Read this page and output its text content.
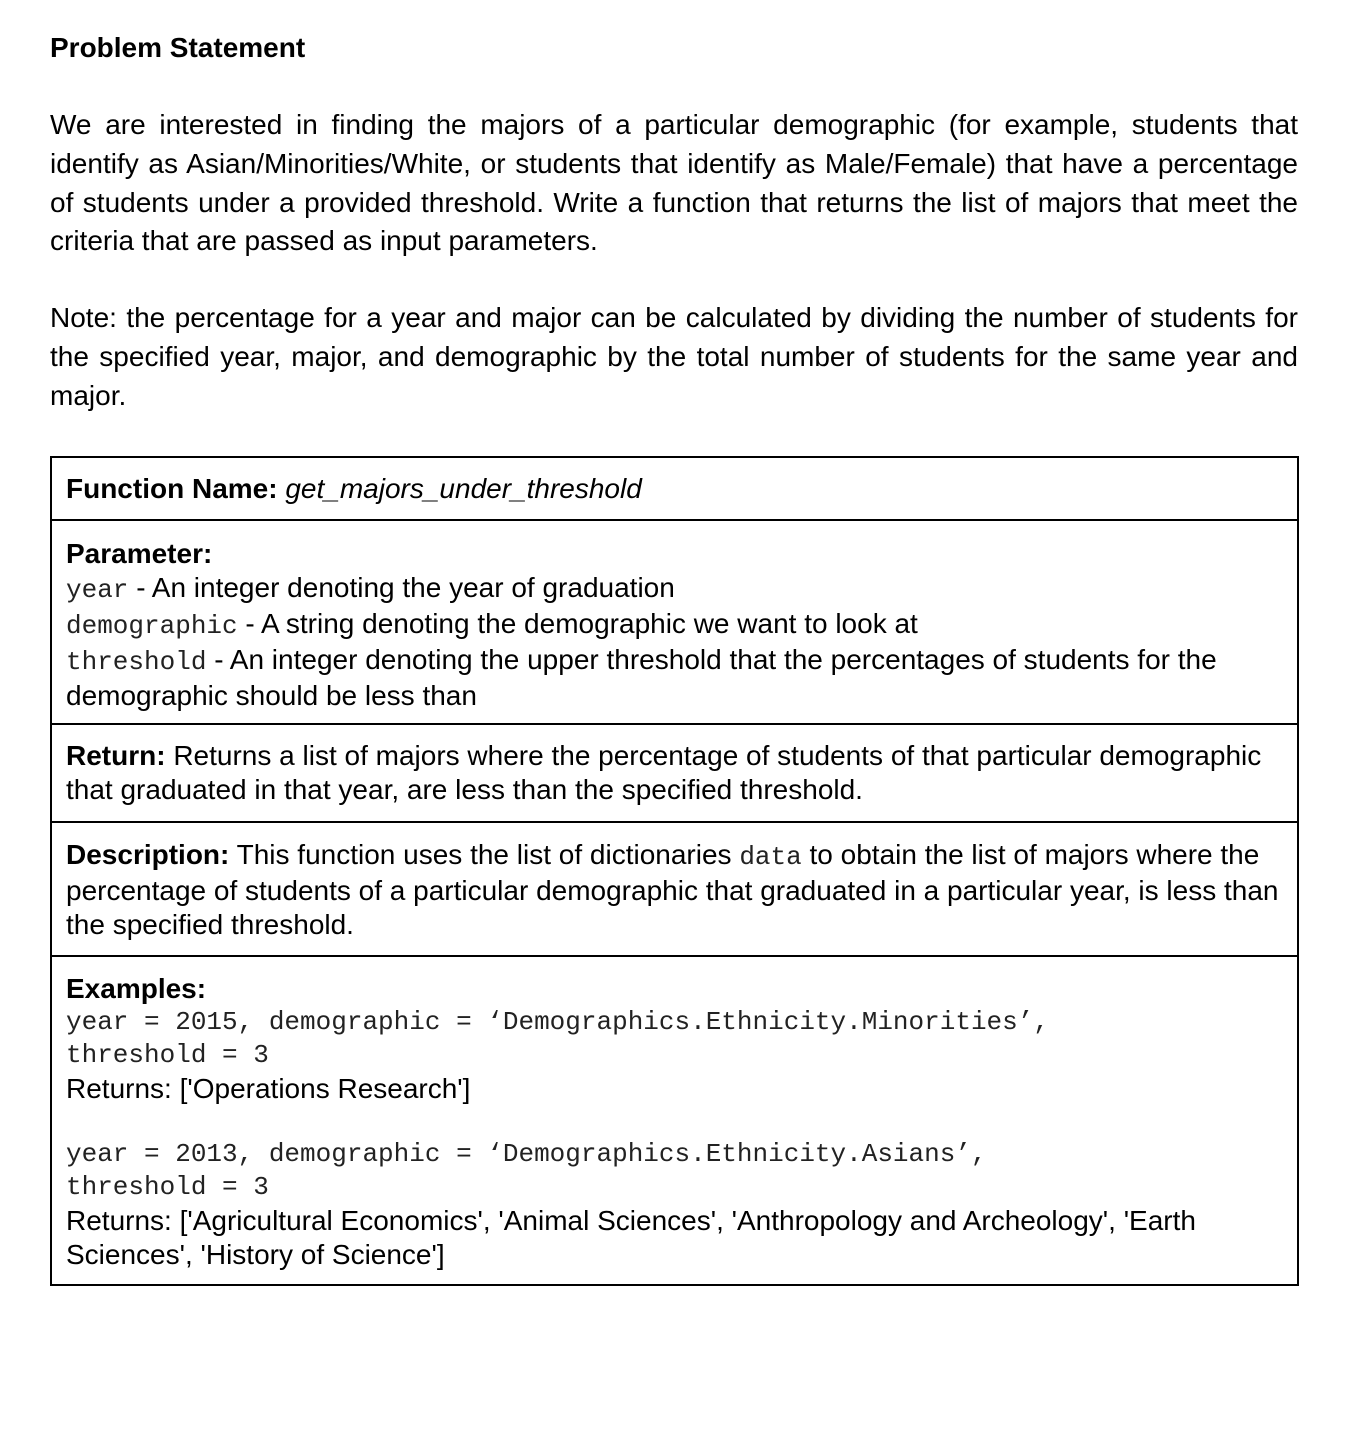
Problem Statement

We are interested in finding the majors of a particular demographic (for example, students that identify as Asian/Minorities/White, or students that identify as Male/Female) that have a percentage of students under a provided threshold. Write a function that returns the list of majors that meet the criteria that are passed as input parameters.

Note: the percentage for a year and major can be calculated by dividing the number of students for the specified year, major, and demographic by the total number of students for the same year and major.

Function Name: get_majors_under_threshold

Parameter:
year - An integer denoting the year of graduation
demographic - A string denoting the demographic we want to look at
threshold - An integer denoting the upper threshold that the percentages of students for the demographic should be less than

Return: Returns a list of majors where the percentage of students of that particular demographic that graduated in that year, are less than the specified threshold.
Description: This function uses the list of dictionaries data to obtain the list of majors where the percentage of students of a particular demographic that graduated in a particular year, is less than the specified threshold.

Examples:
year = 2015, demographic = ‘Demographics.Ethnicity.Minorities’,
threshold = 3
Returns: ['Operations Research']
year = 2013, demographic = ‘Demographics.Ethnicity.Asians’,
threshold = 3
Returns: ['Agricultural Economics', 'Animal Sciences', 'Anthropology and Archeology', 'Earth Sciences', 'History of Science']
